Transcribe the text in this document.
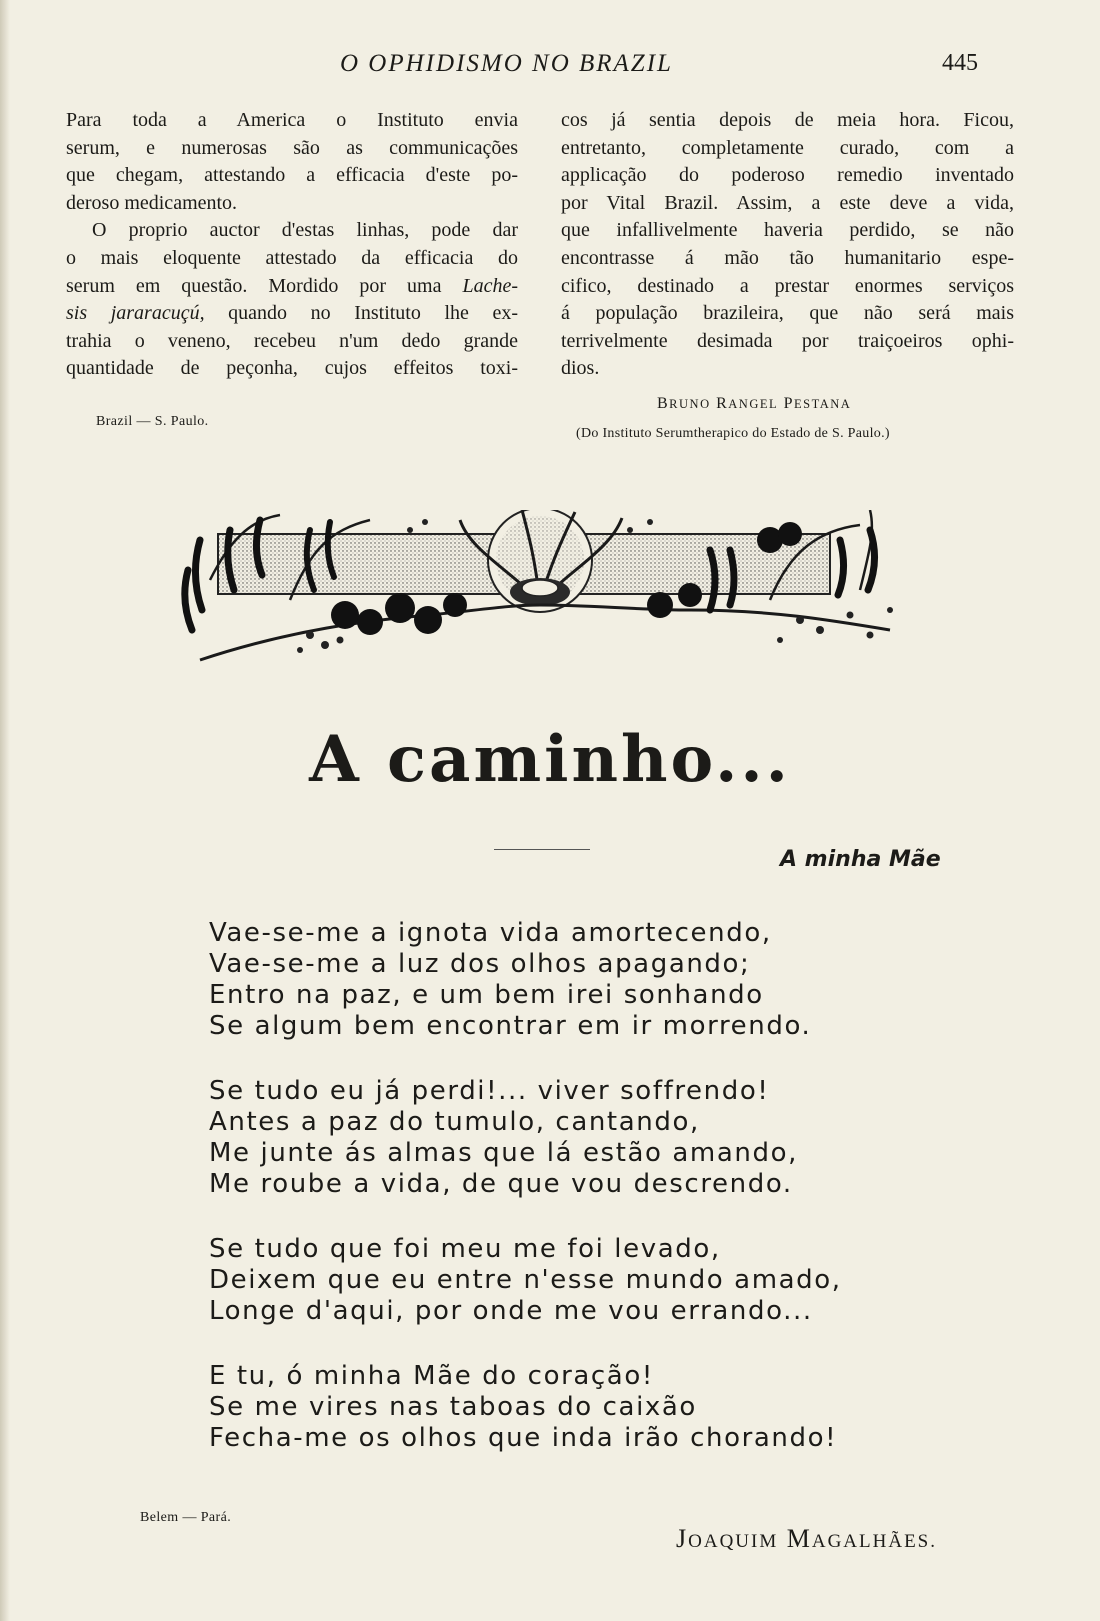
O OPHIDISMO NO BRAZIL	445

Para toda a America o Instituto envia
serum, e numerosas são as communicações
que chegam, attestando a efficacia d'este po-
deroso medicamento.

O proprio auctor d'estas linhas, pode dar
o mais eloquente attestado da efficacia do
serum em questão. Mordido por uma Lache-
sis jararacuçú, quando no Instituto lhe ex-
trahia o veneno, recebeu n'um dedo grande
quantidade de peçonha, cujos effeitos toxi-

cos já sentia depois de meia hora. Ficou,
entretanto, completamente curado, com a
applicação do poderoso remedio inventado
por Vital Brazil. Assim, a este deve a vida,
que infallivelmente haveria perdido, se não
encontrasse á mão tão humanitario espe-
cifico, destinado a prestar enormes serviços
á população brazileira, que não será mais
terrivelmente desimada por traiçoeiros ophi-
dios.

Brazil — S. Paulo.
BRUNO RANGEL PESTANA
(Do Instituto Serumtherapico do Estado de S. Paulo.)
A caminho...
A minha Mãe
Vae-se-me a ignota vida amortecendo,
Vae-se-me a luz dos olhos apagando;
Entro na paz, e um bem irei sonhando
Se algum bem encontrar em ir morrendo.
Se tudo eu já perdi!... viver soffrendo!
Antes a paz do tumulo, cantando,
Me junte ás almas que lá estão amando,
Me roube a vida, de que vou descrendo.
Se tudo que foi meu me foi levado,
Deixem que eu entre n'esse mundo amado,
Longe d'aqui, por onde me vou errando...
E tu, ó minha Mãe do coração!
Se me vires nas taboas do caixão
Fecha-me os olhos que inda irão chorando!
Belem — Pará.
JOAQUIM MAGALHÃES.
